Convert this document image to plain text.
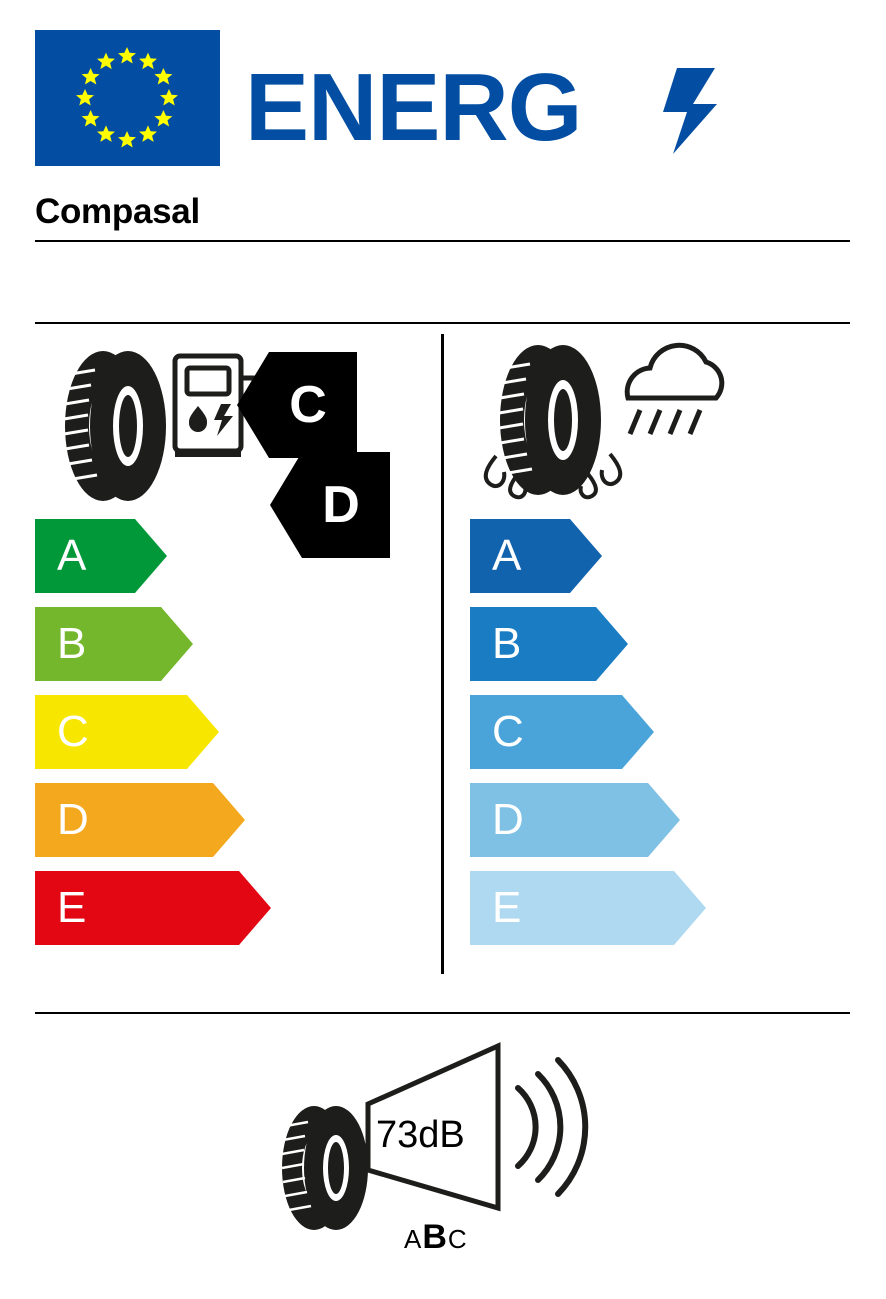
ENERG
Compasal
A
B
C
D
E
D
A
B
C
D
E
C
73dB
ABC
